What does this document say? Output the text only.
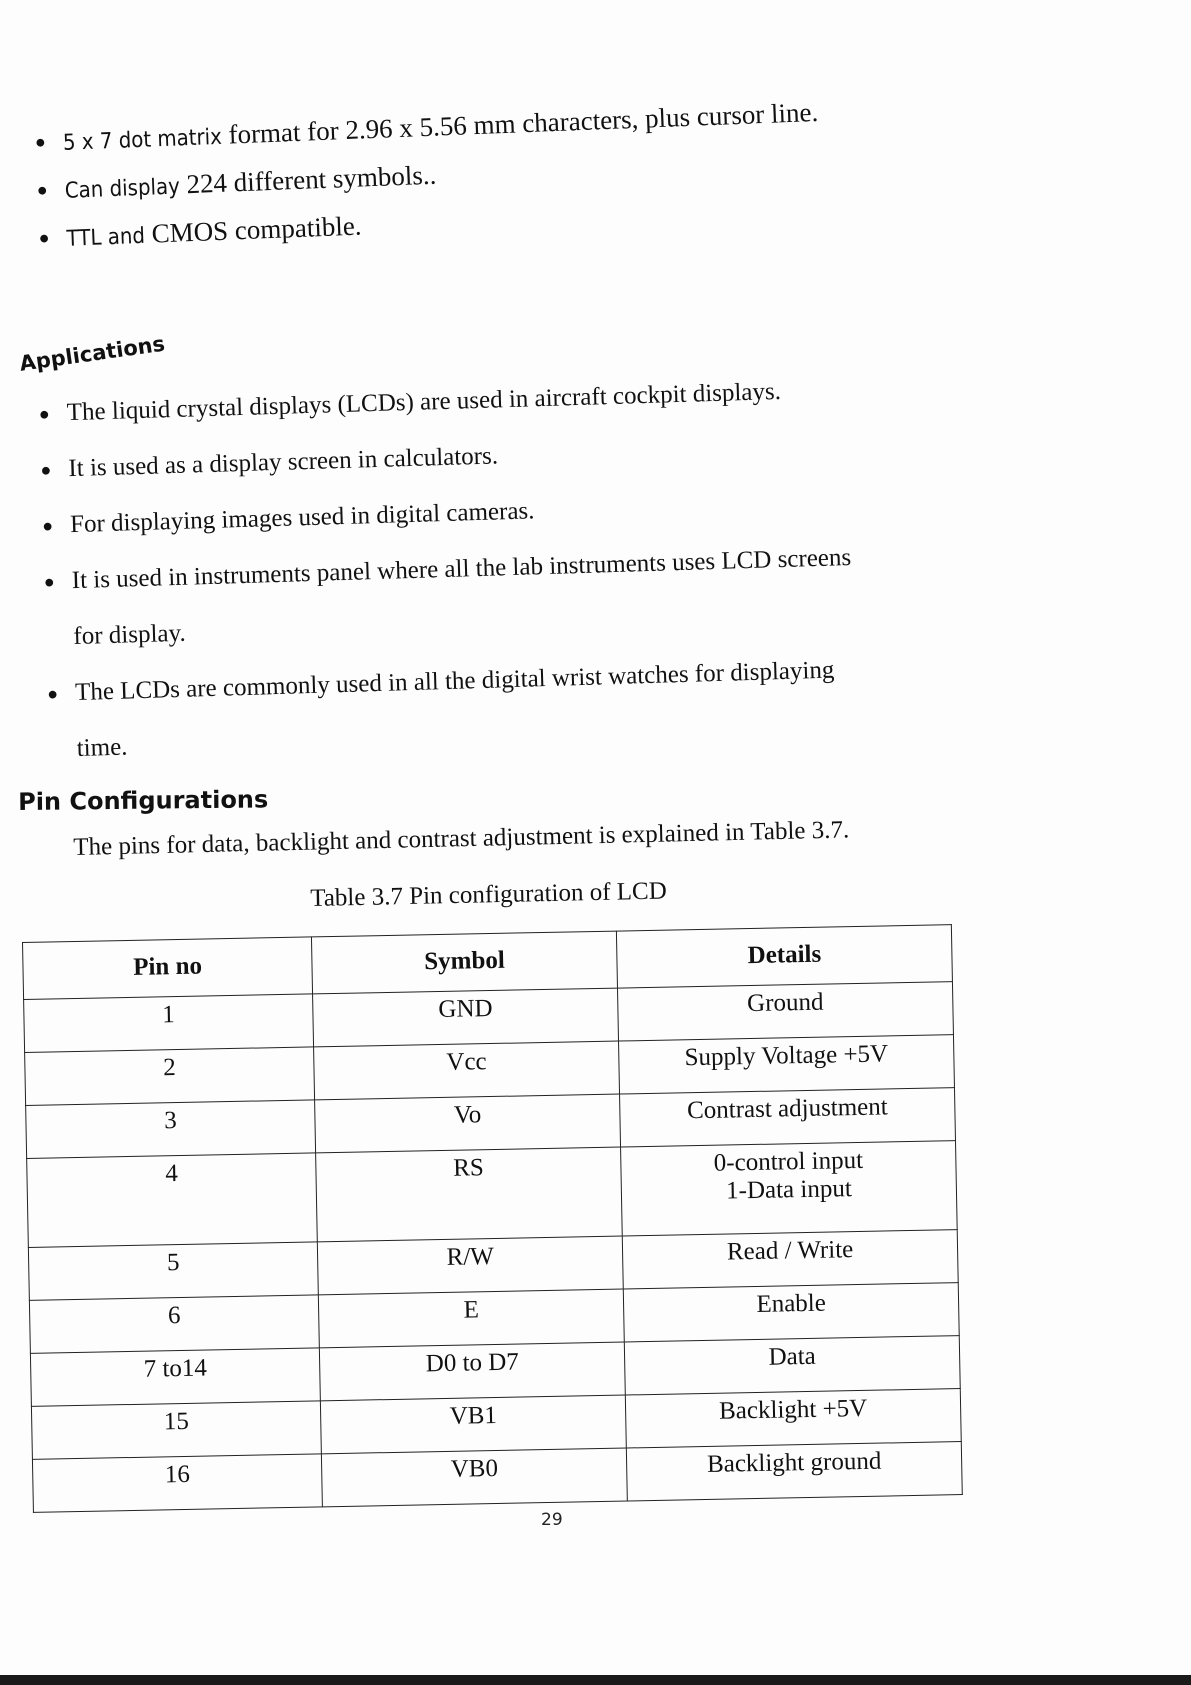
● 5 x 7 dot matrix format for 2.96 x 5.56 mm characters, plus cursor line.
● Can display 224 different symbols..
● TTL and CMOS compatible.
Applications
● The liquid crystal displays (LCDs) are used in aircraft cockpit displays.
● It is used as a display screen in calculators.
● For displaying images used in digital cameras.
● It is used in instruments panel where all the lab instruments uses LCD screens
for display.
● The LCDs are commonly used in all the digital wrist watches for displaying
time.
Pin Configurations
The pins for data, backlight and contrast adjustment is explained in Table 3.7.
Table 3.7 Pin configuration of LCD
Pin no	Symbol	Details
1	GND	Ground
2	Vcc	Supply Voltage +5V
3	Vo	Contrast adjustment
4	RS	0-control input
1-Data input

5	R/W	Read / Write
6	E	Enable
7 to14	D0 to D7	Data
15	VB1	Backlight +5V
16	VB0	Backlight ground
29
